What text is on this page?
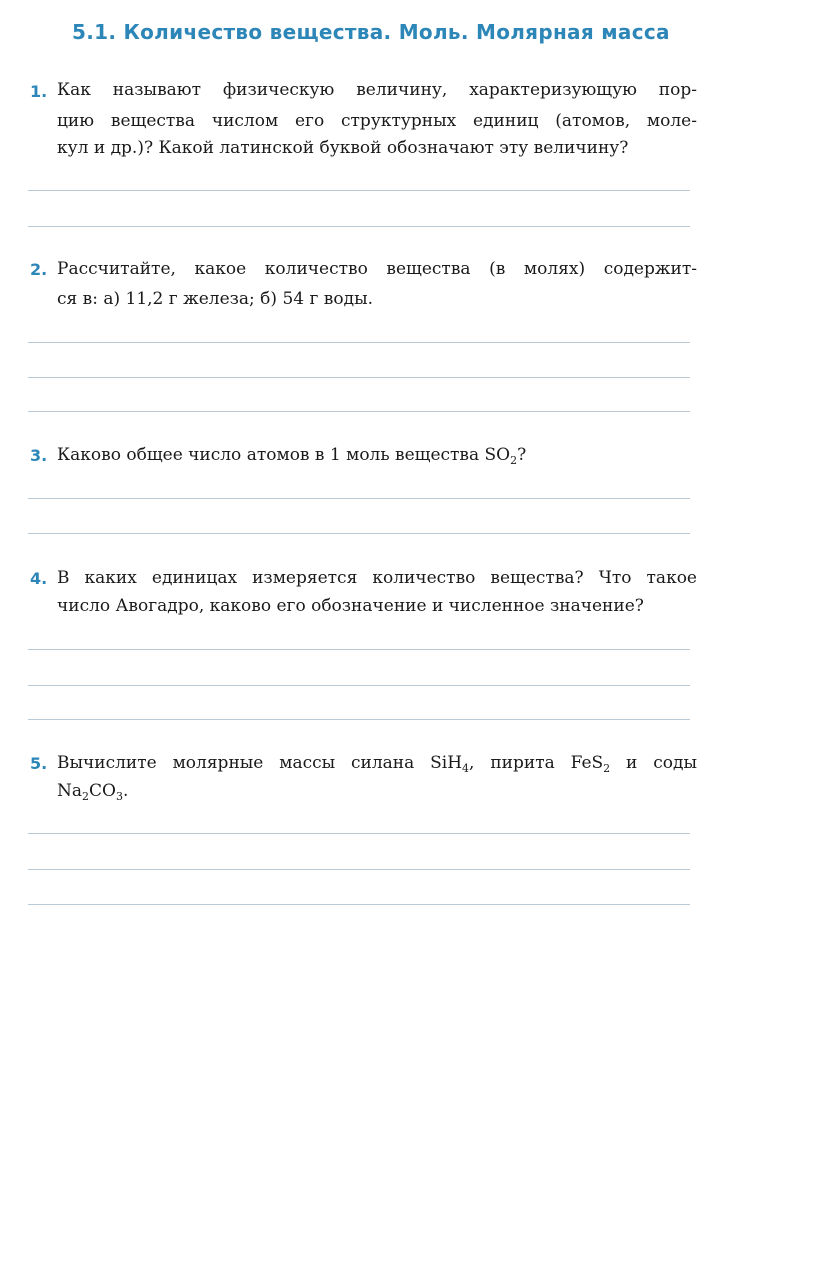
5.1. Количество вещества. Моль. Молярная масса
1. Как называют физическую величину, характеризующую пор-
цию вещества числом его структурных единиц (атомов, моле-
кул и др.)? Какой латинской буквой обозначают эту величину?
2. Рассчитайте, какое количество вещества (в молях) содержит-
ся в: а) 11,2 г железа; б) 54 г воды.
3. Каково общее число атомов в 1 моль вещества $SO_2$?
4. В каких единицах измеряется количество вещества? Что такое
число Авогадро, каково его обозначение и численное значение?
5. Вычислите молярные массы силана SiH$_4$, пирита FeS$_2$ и соды
$Na_2CO_3$.
